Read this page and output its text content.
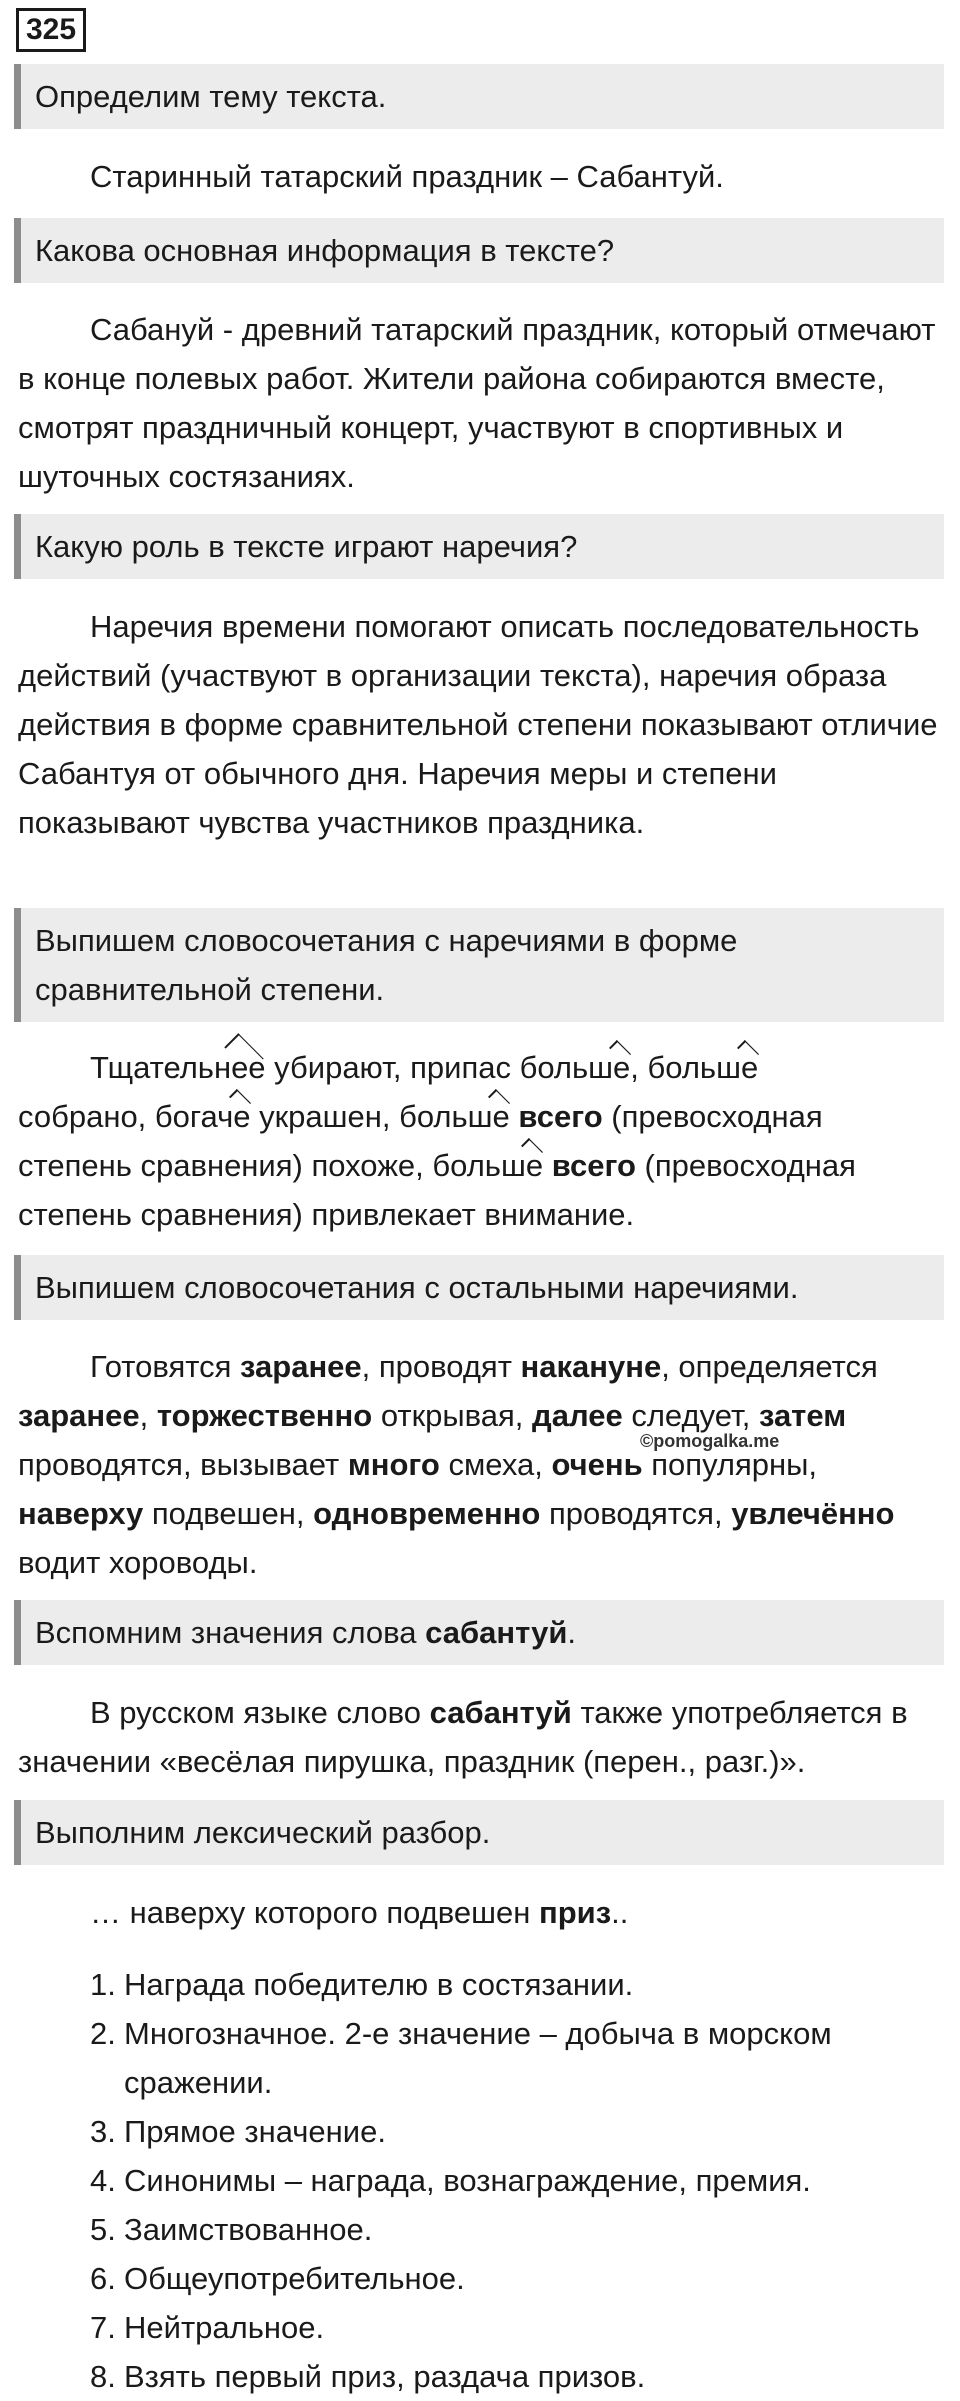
325
Определим тему текста.
Старинный татарский праздник – Сабантуй.
Какова основная информация в тексте?
Сабануй - древний татарский праздник, который отмечают в конце полевых работ. Жители района собираются вместе, смотрят праздничный концерт, участвуют в спортивных и шуточных состязаниях.
Какую роль в тексте играют наречия?
Наречия времени помогают описать последовательность действий (участвуют в организации текста), наречия образа действия в форме сравнительной степени показывают отличие Сабантуя от обычного дня. Наречия меры и степени показывают чувства участников праздника.
Выпишем словосочетания с наречиями в форме сравнительной степени.
Тщательнее убирают, припас больше, больше
собрано, богаче украшен, больше всего (превосходная
степень сравнения) похоже, больше всего (превосходная
степень сравнения) привлекает внимание.
Выпишем словосочетания с остальными наречиями.
Готовятся заранее, проводят накануне, определяется
заранее, торжественно открывая, далее следует, затем
проводятся, вызывает много смеха, очень популярны,
наверху подвешен, одновременно проводятся, увлечённо
водит хороводы.
©pomogalka.me
Вспомним значения слова сабантуй.
В русском языке слово сабантуй также употребляется в значении «весёлая пирушка, праздник (перен., разг.)».
Выполним лексический разбор.
… наверху которого подвешен приз..
1. Награда победителю в состязании.
2. Многозначное. 2-е значение – добыча в морском сражении.
3. Прямое значение.
4. Синонимы – награда, вознаграждение, премия.
5. Заимствованное.
6. Общеупотребительное.
7. Нейтральное.
8. Взять первый приз, раздача призов.
